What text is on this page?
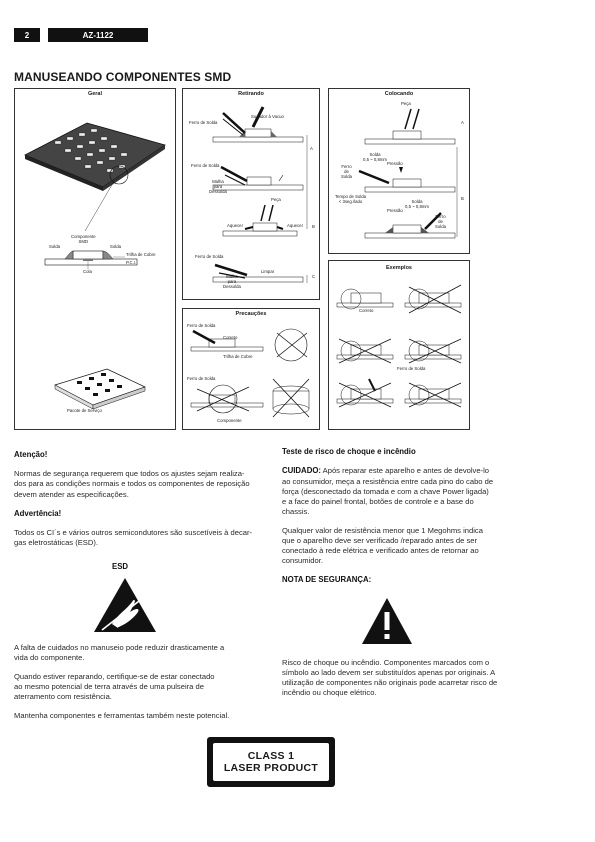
2	AZ-1122
MANUSEANDO COMPONENTES SMD
Geral
Componente
SMD
Solda	Solda
Trilha de Cobre
P.C.I.
Cola
Pacote de Serviço
Retirando
Ferro de Solda
Sugador à Vacuo
Ferro de Solda
Malha
para
Dessolda
Peça
Aquecer	Aquecer
A
B
Ferro de Solda
Limpar
Malha
para
Dessolda
C
Colocando
Peça
A
Solda
0,5 ~ 0,8mm
Ferro
de
Solda
Pressão
Tempo de Solda
< 3seg./lado	Solda
0,5 ~ 0,8mm
Pressão
Ferro
de
Solda
B
Exemplos
Correto
Ferro de Solda
Precauções
Ferro de Solda
Correto
Trilha de Cobre
Ferro de Solda
Componente

Atenção!

Normas de segurança requerem que todos os ajustes sejam realiza-
dos para as condições normais e todos os componentes de reposição
devem atender as especificações.

Advertência!

Todos os CI´s e vários outros semicondutores são suscetíveis à decar-
gas eletrostáticas (ESD).

ESD

A falta de cuidados no manuseio pode reduzir drasticamente a
vida do componente.

Quando estiver reparando, certifique-se de estar conectado
ao mesmo potencial de terra através de uma pulseira de
aterramento com resistência.

Mantenha componentes e ferramentas também neste potencial.

Teste de risco de choque e incêndio

CUIDADO: Após reparar este aparelho e antes de devolve-lo
ao consumidor, meça a resistência entre cada pino do cabo de
força (desconectado da tomada e com a chave Power ligada)
e a face do painel frontal, botões de controle e a base do
chassis.

Qualquer valor de resistência menor que 1 Megohms indica
que o aparelho deve ser verificado /reparado antes de ser
conectado à rede elétrica e verificado antes de retornar ao
consumidor.

NOTA DE SEGURANÇA:

Risco de choque ou incêndio. Componentes marcados com o
símbolo ao lado devem ser substituídos apenas por originais. A
utilização de componentes não originais pode acarretar risco de
incêndio ou choque elétrico.
CLASS 1
LASER PRODUCT
